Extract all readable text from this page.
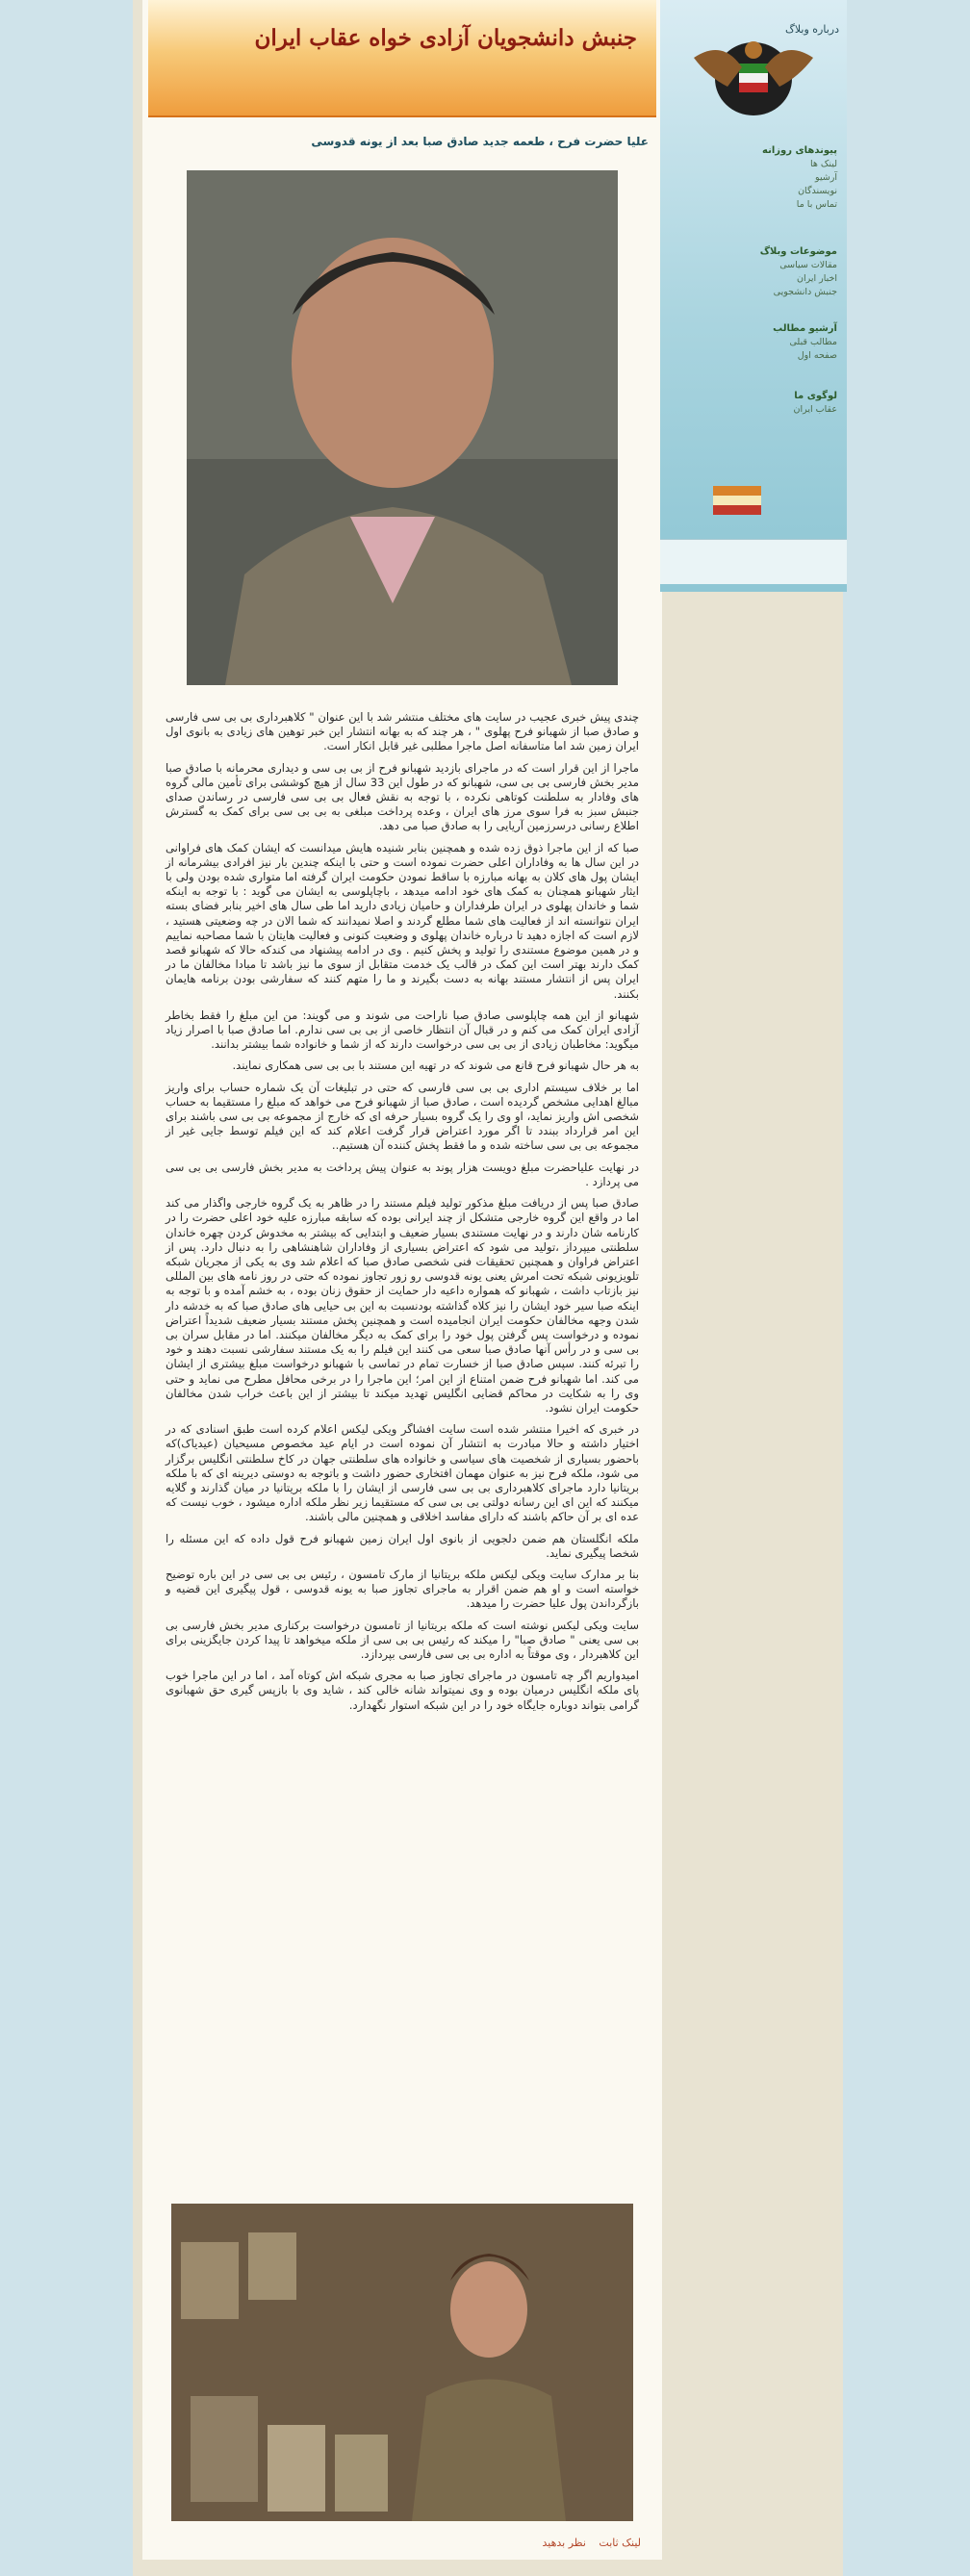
جنبش دانشجویان آزادی خواه عقاب ایران
علیا حضرت فرح ، طعمه جدید صادق صبا بعد از یونه قدوسی

چندی پیش خبری عجیب در سایت های مختلف منتشر شد با این عنوان " کلاهبرداری بی بی سی فارسی و صادق صبا از شهبانو فرح پهلوی " ، هر چند که به بهانه انتشار این خبر توهین های زیادی به بانوی اول ایران زمین شد اما متاسفانه اصل ماجرا مطلبی غیر قابل انکار است.

ماجرا از این قرار است که در ماجرای بازدید شهبانو فرح از بی بی سی و دیداری محرمانه با صادق صبا مدیر بخش فارسی بی بی سی، شهبانو که در طول این 33 سال از هیچ کوششی برای تأمین مالی گروه های وفادار به سلطنت کوتاهی نکرده ، با توجه به نقش فعال بی بی سی فارسی در رساندن صدای جنبش سبز به فرا سوی مرز های ایران ، وعده پرداخت مبلغی به بی بی سی برای کمک به گسترش اطلاع رسانی درسرزمین آریایی را به صادق صبا می دهد.

صبا که از این ماجرا ذوق زده شده و همچنین بنابر شنیده هایش میدانست که ایشان کمک های فراوانی در این سال ها به وفاداران اعلی حضرت نموده است و حتی با اینکه چندین بار نیز افرادی بیشرمانه از ایشان پول های کلان به بهانه مبارزه با ساقط نمودن حکومت ایران گرفته اما متواری شده بودن ولی با ایثار شهبانو همچنان به کمک های خود ادامه میدهد ، باچاپلوسی به ایشان می گوید : با توجه به اینکه شما و خاندان پهلوی در ایران طرفداران و حامیان زیادی دارید اما طی سال های اخیر بنابر فضای بسته ایران نتوانسته اند از فعالیت های شما مطلع گردند و اصلا نمیدانند که شما الان در چه وضعیتی هستید ، لازم است که اجازه دهید تا درباره خاندان پهلوی و وضعیت کنونی و فعالیت هایتان با شما مصاحبه نماییم و در همین موضوع مستندی را تولید و پخش کنیم . وی در ادامه پیشنهاد می کندکه حالا که شهبانو قصد کمک دارند بهتر است این کمک در قالب یک خدمت متقابل از سوی ما نیز باشد تا مبادا مخالفان ما در ایران پس از انتشار مستند بهانه به دست بگیرند و ما را متهم کنند که سفارشی بودن برنامه هایمان بکنند.

شهبانو از این همه چاپلوسی صادق صبا ناراحت می شوند و می گویند: من این مبلغ را فقط بخاطر آزادی ایران کمک می کنم و در قبال آن انتظار خاصی از بی بی سی ندارم. اما صادق صبا با اصرار زیاد میگوید: مخاطبان زیادی از بی بی سی درخواست دارند که از شما و خانواده شما بیشتر بدانند.

به هر حال شهبانو فرح قانع می شوند که در تهیه این مستند با بی بی سی همکاری نمایند.

اما بر خلاف سیستم اداری بی بی سی فارسی که حتی در تبلیغات آن یک شماره حساب برای واریز مبالغ اهدایی مشخص گردیده است ، صادق صبا از شهبانو فرح می خواهد که مبلغ را مستقیما به حساب شخصی اش واریز نماید، او وی را یک گروه بسیار حرفه ای که خارج از مجموعه بی بی سی باشند برای این امر قرارداد ببندد تا اگر مورد اعتراض قرار گرفت اعلام کند که این فیلم توسط جایی غیر از مجموعه بی بی سی ساخته شده و ما فقط پخش کننده آن هستیم..

در نهایت علیاحضرت مبلغ دویست هزار پوند به عنوان پیش پرداخت به مدیر بخش فارسی بی بی سی می پردازد .

صادق صبا پس از دریافت مبلغ مذکور تولید فیلم مستند را در ظاهر به یک گروه خارجی واگذار می کند اما در واقع این گروه خارجی متشکل از چند ایرانی بوده که سابقه مبارزه علیه خود اعلی حضرت را در کارنامه شان دارند و در نهایت مستندی بسیار ضعیف و ابتدایی که بیشتر به مخدوش کردن چهره خاندان سلطنتی میپرداز ،تولید می شود که اعتراض بسیاری از وفاداران شاهنشاهی را به دنبال دارد. پس از اعتراض فراوان و همچنین تحقیقات فنی شخصی صادق صبا که اعلام شد وی به یکی از مجریان شبکه تلویزیونی شبکه تحت امرش یعنی یونه قدوسی رو زور تجاوز نموده که حتی در روز نامه های بین المللی نیز بازتاب داشت ، شهبانو که همواره داعیه دار حمایت از حقوق زنان بوده ، به خشم آمده و با توجه به اینکه صبا سیر خود ایشان را نیز کلاه گذاشته بودنسبت به این بی حیایی های صادق صبا که به خدشه دار شدن وجهه مخالفان حکومت ایران انجامیده است و همچنین پخش مستند بسیار ضعیف شدیداً اعتراض نموده و درخواست پس گرفتن پول خود را برای کمک به دیگر مخالفان میکنند. اما در مقابل سران بی بی سی و در رأس آنها صادق صبا سعی می کنند این فیلم را به یک مستند سفارشی نسبت دهند و خود را تبرئه کنند. سپس صادق صبا از خسارت تمام در تماسی با شهبانو درخواست مبلغ بیشتری از ایشان می کند. اما شهبانو فرح ضمن امتناع از این امر؛ این ماجرا را در برخی محافل مطرح می نماید و حتی وی را به شکایت در محاکم قضایی انگلیس تهدید میکند تا بیشتر از این باعث خراب شدن مخالفان حکومت ایران نشود.

در خبری که اخیرا منتشر شده است سایت افشاگر ویکی لیکس اعلام کرده است طبق اسنادی که در اختیار داشته و حالا مبادرت به انتشار آن نموده است در ایام عید مخصوص مسیحیان (عیدیاک)که باحضور بسیاری از شخصیت های سیاسی و خانواده های سلطنتی جهان در کاخ سلطنتی انگلیس برگزار می شود، ملکه فرح نیز به عنوان مهمان افتخاری حضور داشت و باتوجه به دوستی دیرینه ای که با ملکه بریتانیا دارد ماجرای کلاهبرداری بی بی سی فارسی از ایشان را با ملکه بریتانیا در میان گذارند و گلایه میکنند که این ای این رسانه دولتی بی بی سی که مستقیما زیر نظر ملکه اداره میشود ، خوب نیست که عده ای بر آن حاکم باشند که دارای مفاسد اخلاقی و همچنین مالی باشند.

ملکه انگلستان هم ضمن دلجویی از بانوی اول ایران زمین شهبانو فرح قول داده که این مسئله را شخصا پیگیری نماید.

بنا بر مدارک سایت ویکی لیکس ملکه بریتانیا از مارک تامسون ، رئیس بی بی سی در این باره توضیح خواسته است و او هم ضمن اقرار به ماجرای تجاوز صبا به یونه قدوسی ، قول پیگیری این قضیه و بازگرداندن پول علیا حضرت را میدهد.

سایت ویکی لیکس نوشته است که ملکه بریتانیا از تامسون درخواست برکناری مدیر بخش فارسی بی بی سی یعنی " صادق صبا" را میکند که رئیس بی بی سی از ملکه میخواهد تا پیدا کردن جایگزینی برای این کلاهبردار ، وی موقتاً به اداره بی بی سی فارسی بپردازد.

امیدواریم اگر چه تامسون در ماجرای تجاوز صبا به مجری شبکه اش کوتاه آمد ، اما در این ماجرا خوب پای ملکه انگلیس درمیان بوده و وی نمیتواند شانه خالی کند ، شاید وی با بازپس گیری حق شهبانوی گرامی بتواند دوباره جایگاه خود را در این شبکه استوار نگهدارد.

لینک ثابت نظر بدهید
درباره وبلاگ
پیوندهای روزانه
لینک ها
آرشیو
نویسندگان
تماس با ما
موضوعات وبلاگ
مقالات سیاسی
اخبار ایران
جنبش دانشجویی
آرشیو مطالب
مطالب قبلی
صفحه اول
لوگوی ما
عقاب ایران
